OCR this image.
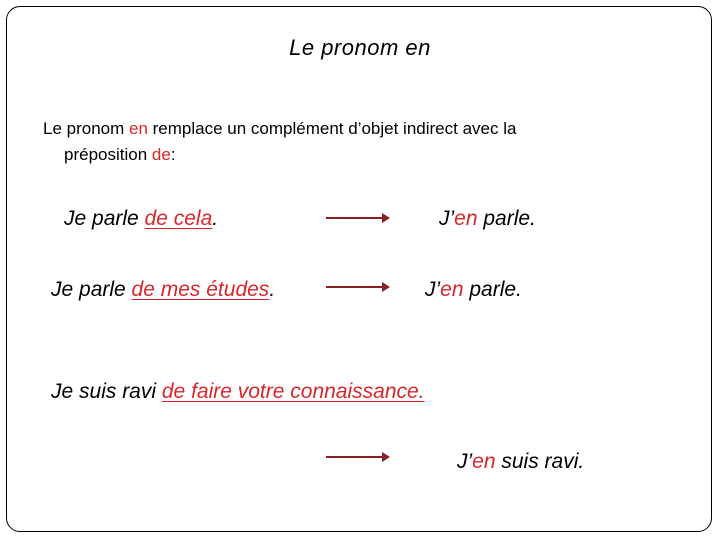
Le pronom en
Le pronom en remplace un complément d’objet indirect avec la
préposition de:
Je parle de cela.	J’en parle.
Je parle de mes études.	J’en parle.
Je suis ravi de faire votre connaissance.
J’en suis ravi.
